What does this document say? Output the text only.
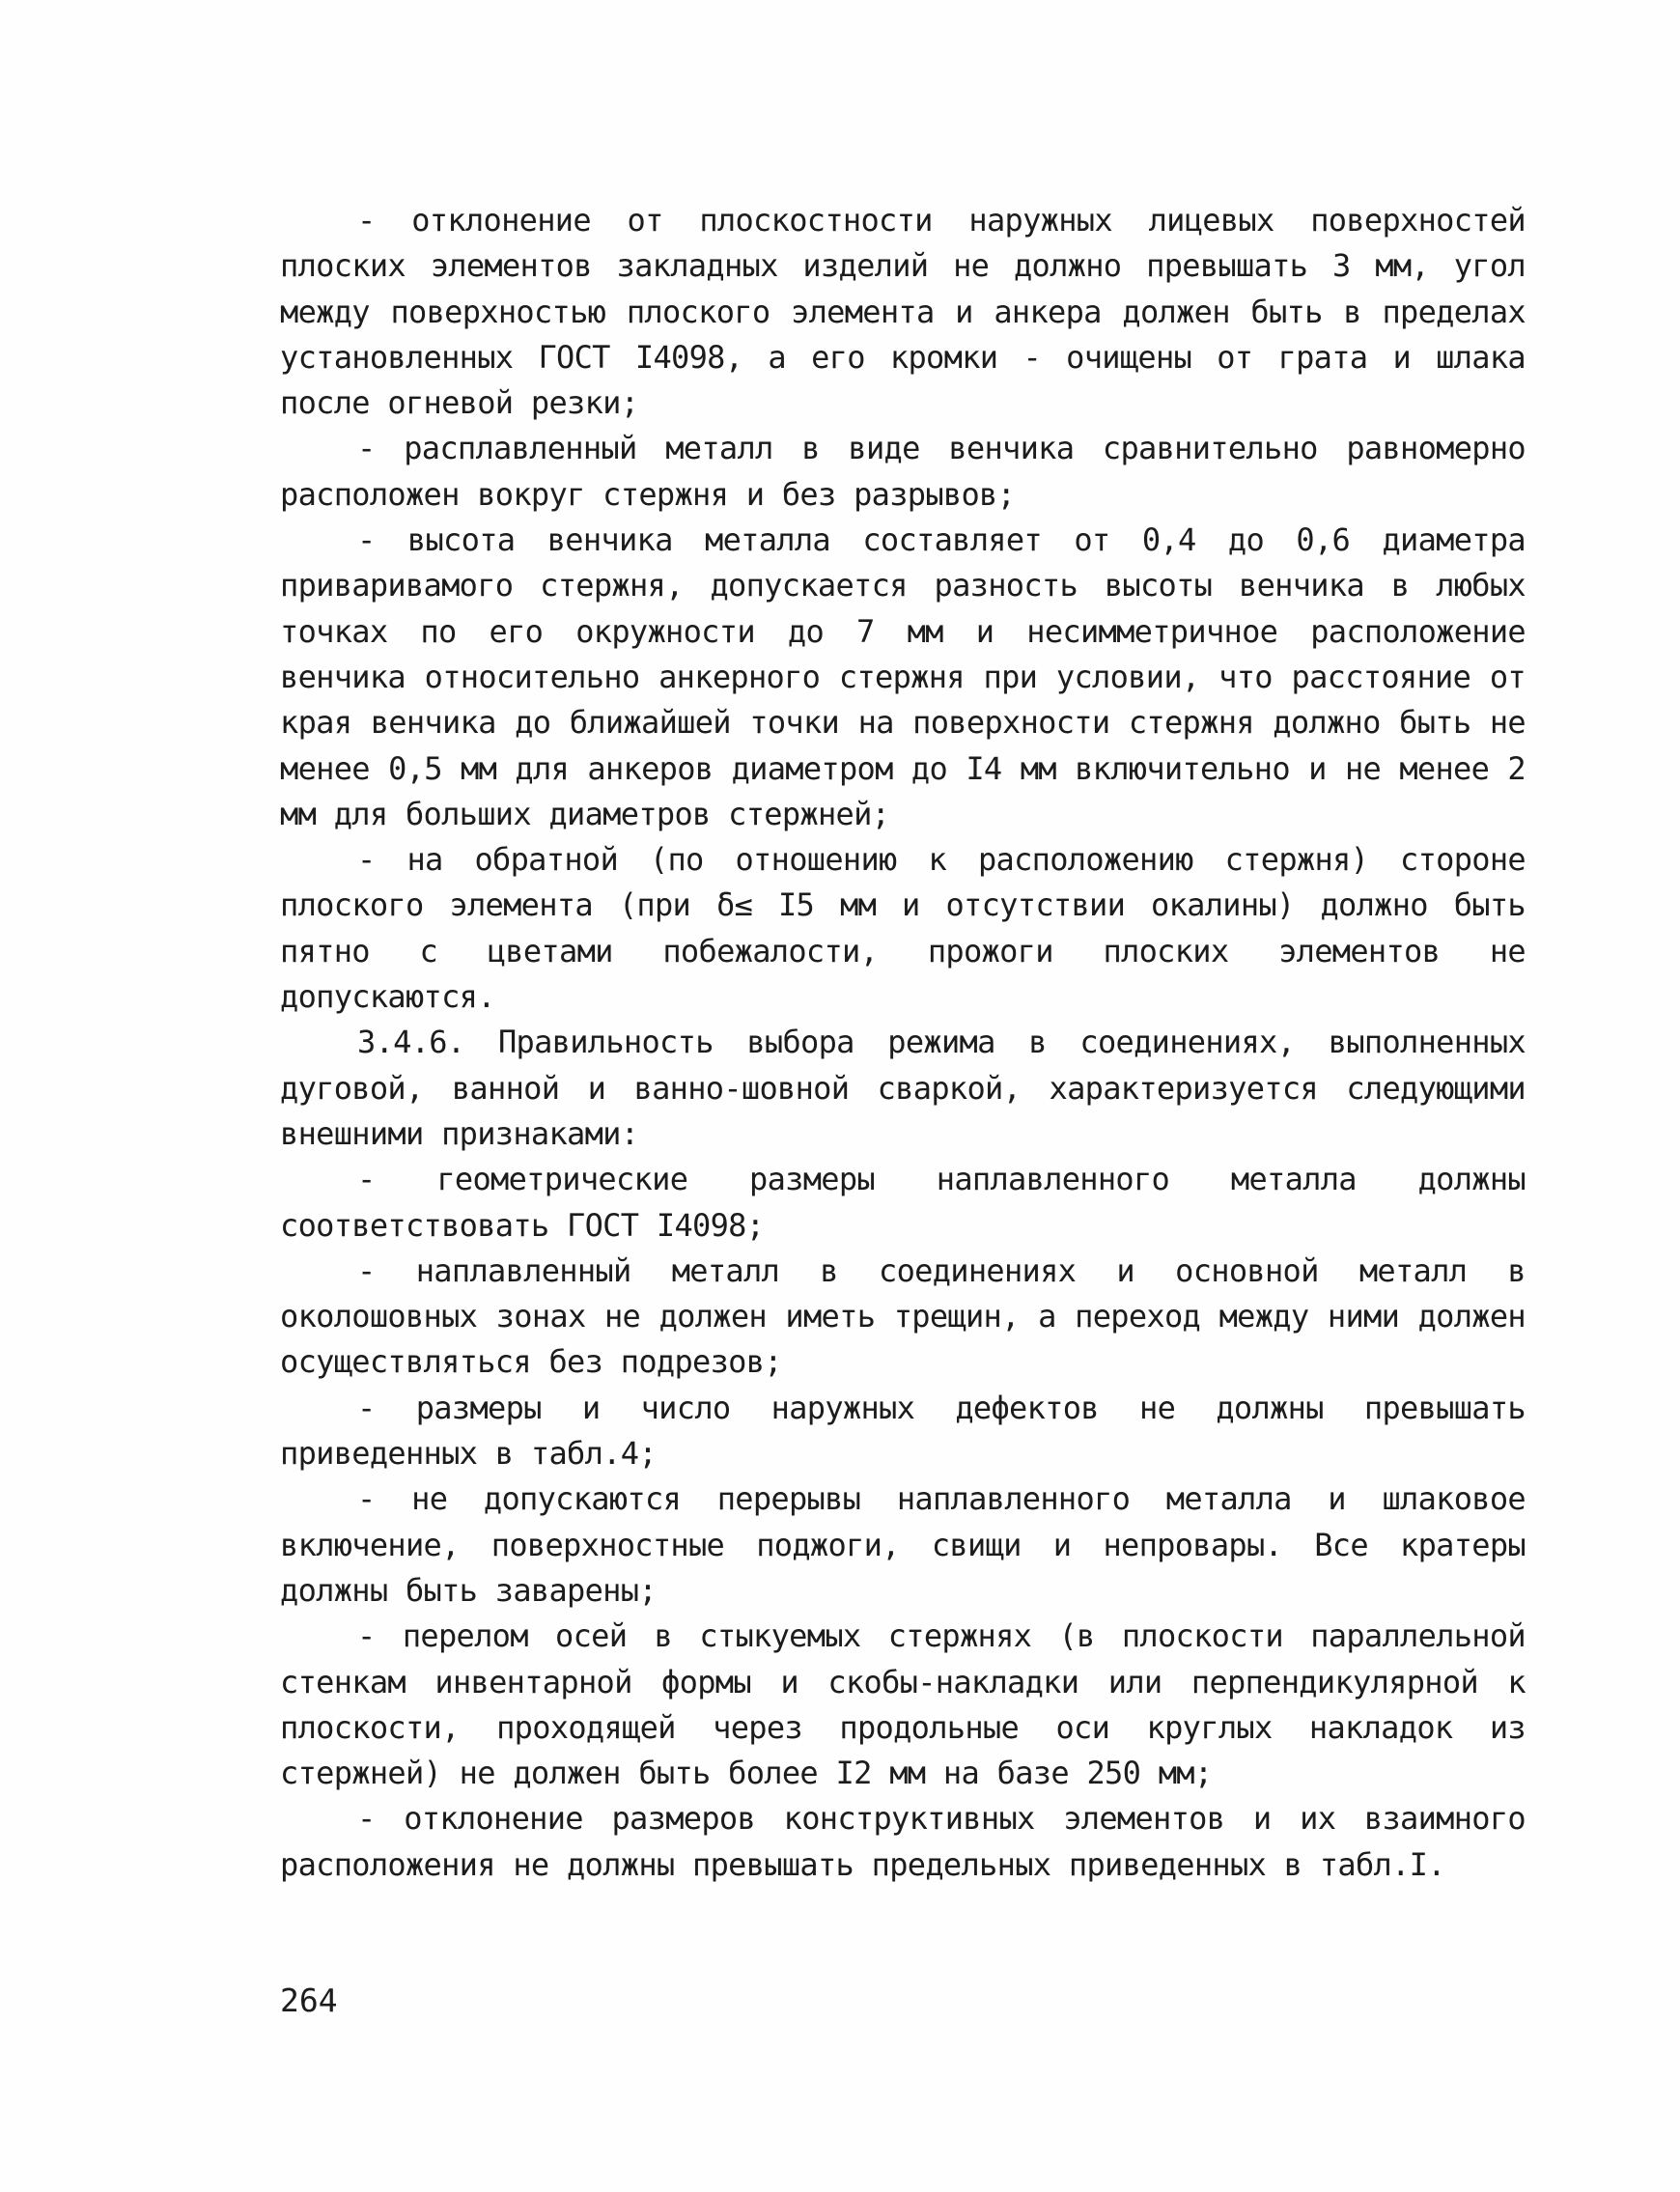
- отклонение от плоскостности наружных лицевых поверхностей плоских элементов закладных изделий не должно превышать 3 мм, угол между поверхностью плоского элемента и анкера должен быть в пределах установленных ГОСТ I4098, а его кромки - очищены от грата и шлака после огневой резки;

- расплавленный металл в виде венчика сравнительно равномерно расположен вокруг стержня и без разрывов;

- высота венчика металла составляет от 0,4 до 0,6 диаметра приваривамого стержня, допускается разность высоты венчика в любых точках по его окружности до 7 мм и несимметричное расположение венчика относительно анкерного стержня при условии, что расстояние от края венчика до ближайшей точки на поверхности стержня должно быть не менее 0,5 мм для анкеров диаметром до I4 мм включительно и не менее 2 мм для больших диаметров стержней;

- на обратной (по отношению к расположению стержня) стороне плоского элемента (при δ≤ I5 мм и отсутствии окалины) должно быть пятно с цветами побежалости, прожоги плоских элементов не допускаются.

3.4.6. Правильность выбора режима в соединениях, выполненных дуговой, ванной и ванно-шовной сваркой, характеризуется следующими внешними признаками:

- геометрические размеры наплавленного металла должны соответствовать ГОСТ I4098;

- наплавленный металл в соединениях и основной металл в околошовных зонах не должен иметь трещин, а переход между ними должен осуществляться без подрезов;

- размеры и число наружных дефектов не должны превышать приведенных в табл.4;

- не допускаются перерывы наплавленного металла и шлаковое включение, поверхностные поджоги, свищи и непровары. Все кратеры должны быть заварены;

- перелом осей в стыкуемых стержнях (в плоскости параллельной стенкам инвентарной формы и скобы-накладки или перпендикулярной к плоскости, проходящей через продольные оси круглых накладок из стержней) не должен быть более I2 мм на базе 250 мм;

- отклонение размеров конструктивных элементов и их взаимного расположения не должны превышать предельных приведенных в табл.I.

264
